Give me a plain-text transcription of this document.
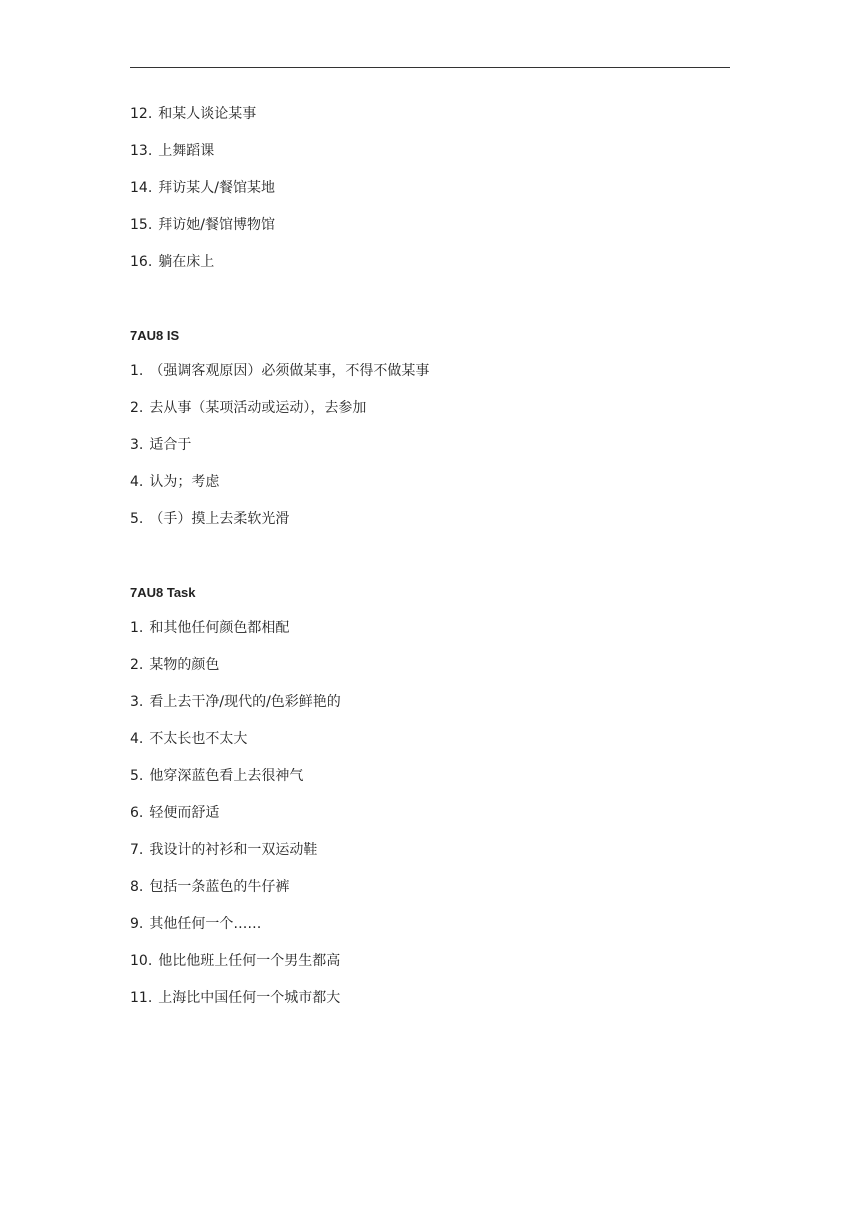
12. 和某人谈论某事
13. 上舞蹈课
14. 拜访某人/餐馆某地
15. 拜访她/餐馆博物馆
16. 躺在床上

7AU8 IS

1. （强调客观原因）必须做某事，不得不做某事
2. 去从事（某项活动或运动），去参加
3. 适合于
4. 认为；考虑
5. （手）摸上去柔软光滑

7AU8 Task

1. 和其他任何颜色都相配
2. 某物的颜色
3. 看上去干净/现代的/色彩鲜艳的
4. 不太长也不太大
5. 他穿深蓝色看上去很神气
6. 轻便而舒适
7. 我设计的衬衫和一双运动鞋
8. 包括一条蓝色的牛仔裤
9. 其他任何一个……
10. 他比他班上任何一个男生都高
11. 上海比中国任何一个城市都大
